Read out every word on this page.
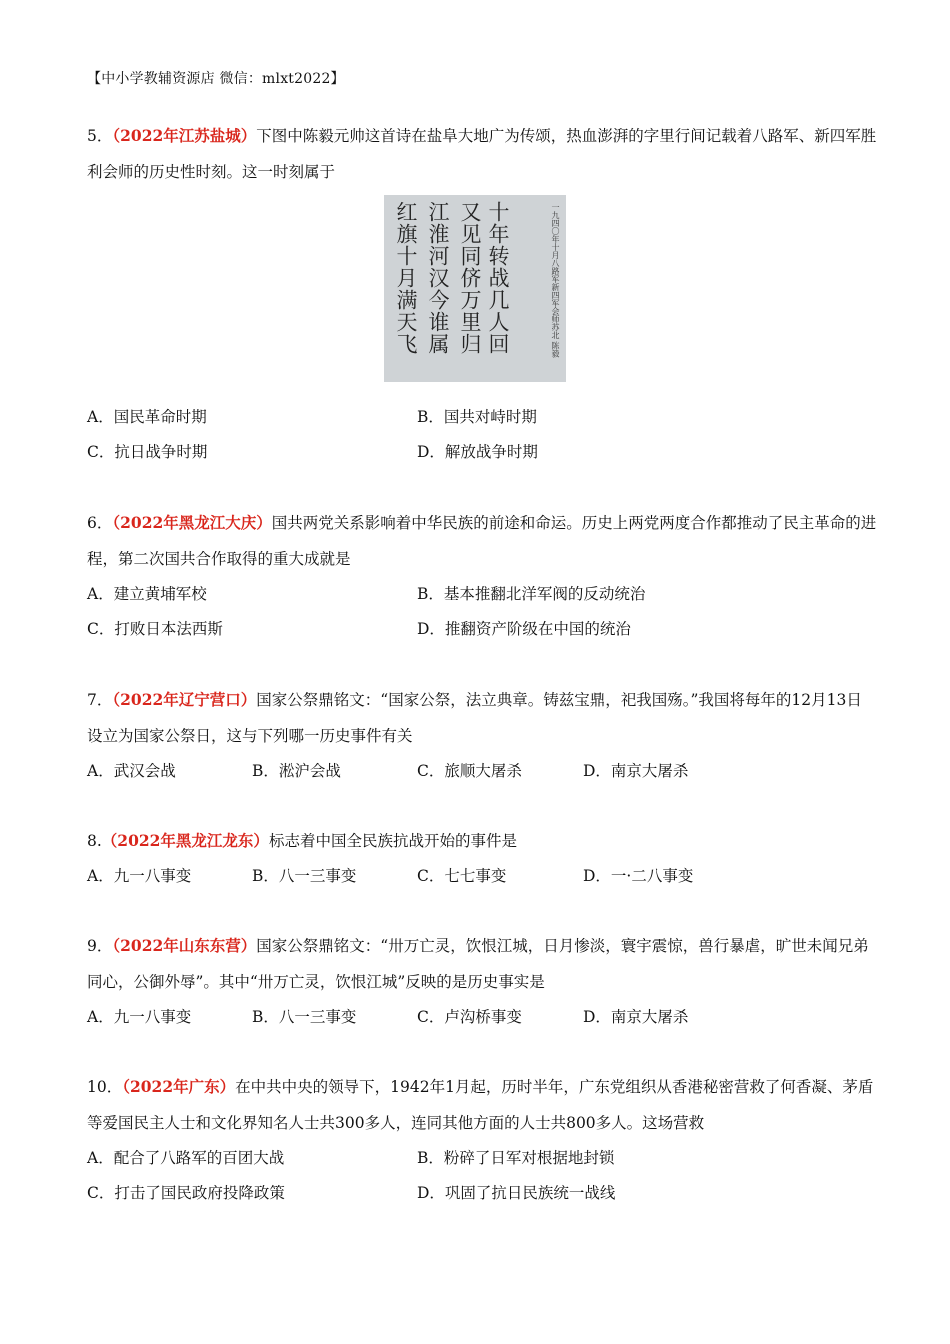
【中小学教辅资源店 微信：mlxt2022】
5．（2022年江苏盐城）下图中陈毅元帅这首诗在盐阜大地广为传颂，热血澎湃的字里行间记载着八路军、新四军胜利会师的历史性时刻。这一时刻属于
十年转战几人回
又见同侪万里归
江淮河汉今谁属
红旗十月满天飞	一九四〇年十月八路军新四军会师苏北 陈毅
A．国民革命时期	B．国共对峙时期
C．抗日战争时期	D．解放战争时期
6．（2022年黑龙江大庆）国共两党关系影响着中华民族的前途和命运。历史上两党两度合作都推动了民主革命的进程，第二次国共合作取得的重大成就是
A．建立黄埔军校	B．基本推翻北洋军阀的反动统治
C．打败日本法西斯	D．推翻资产阶级在中国的统治
7．（2022年辽宁营口）国家公祭鼎铭文：“国家公祭，法立典章。铸兹宝鼎，祀我国殇。”我国将每年的12月13日设立为国家公祭日，这与下列哪一历史事件有关
A．武汉会战	B．淞沪会战	C．旅顺大屠杀	D．南京大屠杀
8.（2022年黑龙江龙东）标志着中国全民族抗战开始的事件是
A．九一八事变	B．八一三事变	C．七七事变	D．一·二八事变
9．（2022年山东东营）国家公祭鼎铭文：“卅万亡灵，饮恨江城，日月惨淡，寰宇震惊，兽行暴虐，旷世未闻兄弟同心，公御外辱”。其中“卅万亡灵，饮恨江城”反映的是历史事实是
A．九一八事变	B．八一三事变	C．卢沟桥事变	D．南京大屠杀
10．（2022年广东）在中共中央的领导下，1942年1月起，历时半年，广东党组织从香港秘密营救了何香凝、茅盾等爱国民主人士和文化界知名人士共300多人，连同其他方面的人士共800多人。这场营救
A．配合了八路军的百团大战	B．粉碎了日军对根据地封锁
C．打击了国民政府投降政策	D．巩固了抗日民族统一战线
